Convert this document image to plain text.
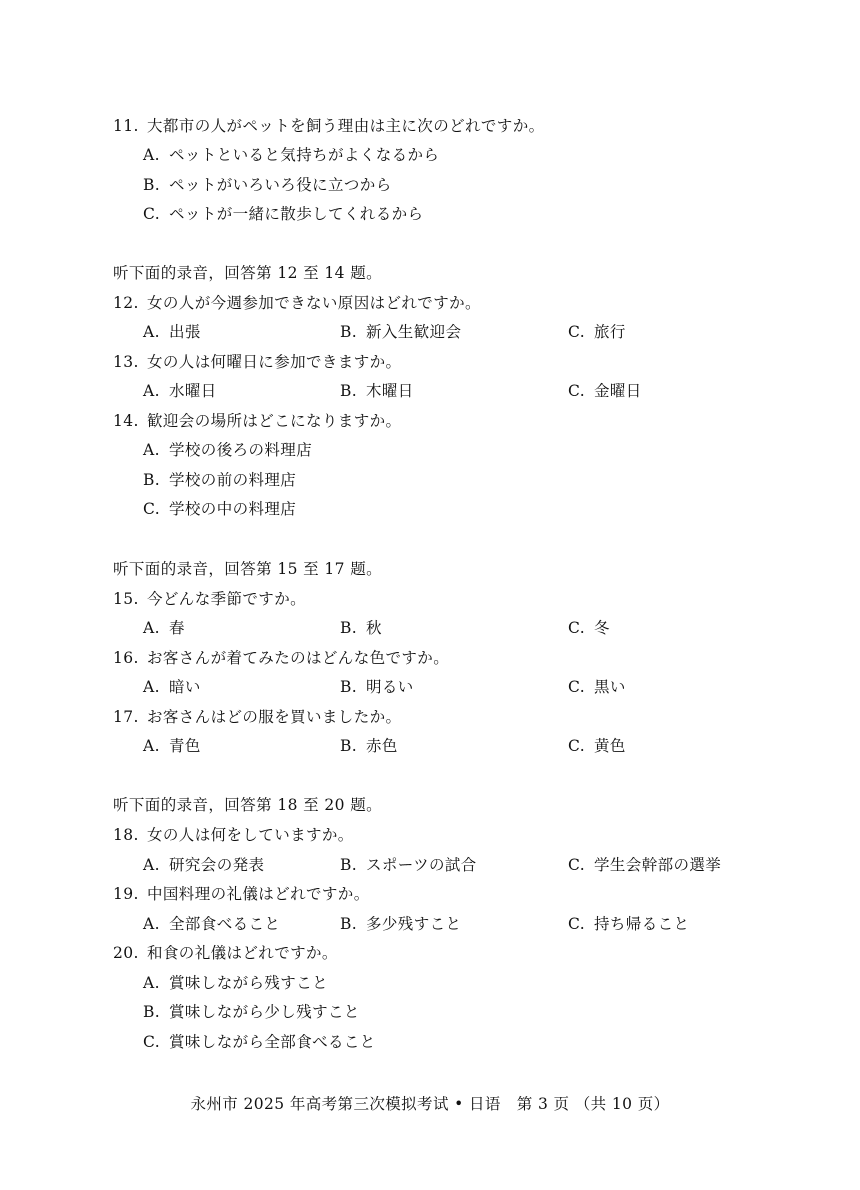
11. 大都市の人がペットを飼う理由は主に次のどれですか。
A. ペットといると気持ちがよくなるから
B. ペットがいろいろ役に立つから
C. ペットが一緒に散歩してくれるから
听下面的录音，回答第 12 至 14 题。
12. 女の人が今週参加できない原因はどれですか。
A. 出張	B. 新入生歓迎会	C. 旅行
13. 女の人は何曜日に参加できますか。
A. 水曜日	B. 木曜日	C. 金曜日
14. 歓迎会の場所はどこになりますか。
A. 学校の後ろの料理店
B. 学校の前の料理店
C. 学校の中の料理店
听下面的录音，回答第 15 至 17 题。
15. 今どんな季節ですか。
A. 春	B. 秋	C. 冬
16. お客さんが着てみたのはどんな色ですか。
A. 暗い	B. 明るい	C. 黒い
17. お客さんはどの服を買いましたか。
A. 青色	B. 赤色	C. 黄色
听下面的录音，回答第 18 至 20 题。
18. 女の人は何をしていますか。
A. 研究会の発表	B. スポーツの試合	C. 学生会幹部の選挙
19. 中国料理の礼儀はどれですか。
A. 全部食べること	B. 多少残すこと	C. 持ち帰ること
20. 和食の礼儀はどれですか。
A. 賞味しながら残すこと
B. 賞味しながら少し残すこと
C. 賞味しながら全部食べること
永州市 2025 年高考第三次模拟考试 • 日语　第 3 页 （共 10 页）
